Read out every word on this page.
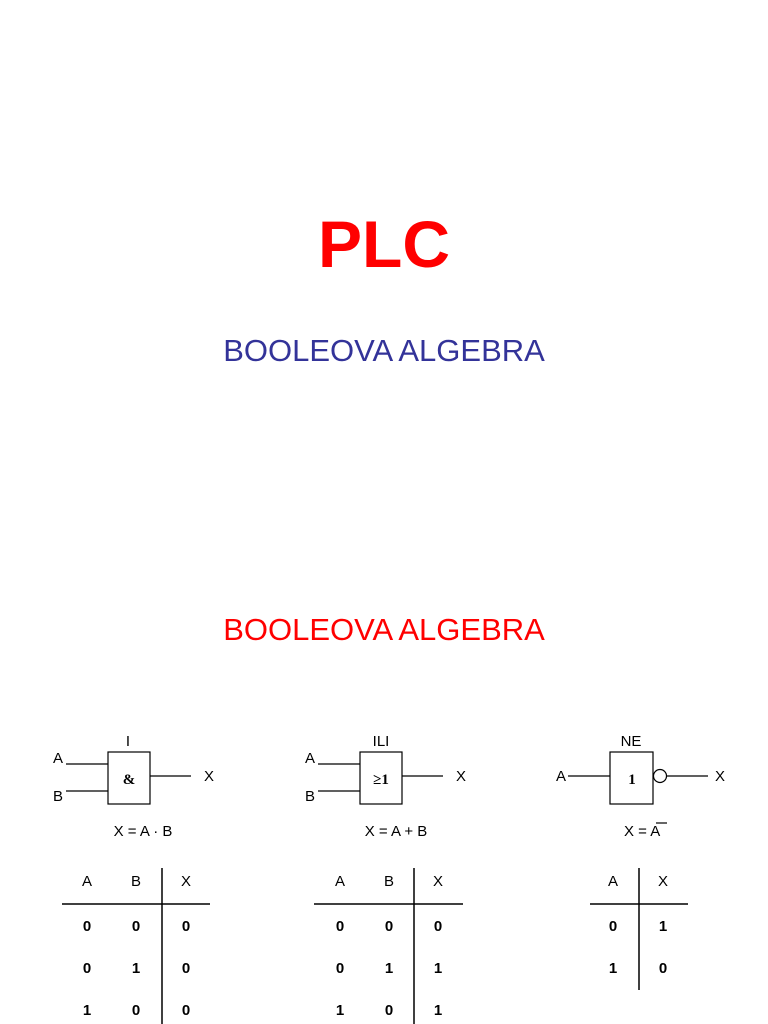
PLC
BOOLEOVA ALGEBRA
BOOLEOVA ALGEBRA
I
&
A
B
X
X = A · B
A	B	X
0	0	0
0	1	0
1	0	0
ILI
≥1
A
B
X
X = A + B
A	B	X
0	0	0
0	1	1
1	0	1
NE
1
A	X
X = A
A	X
0	1
1	0
